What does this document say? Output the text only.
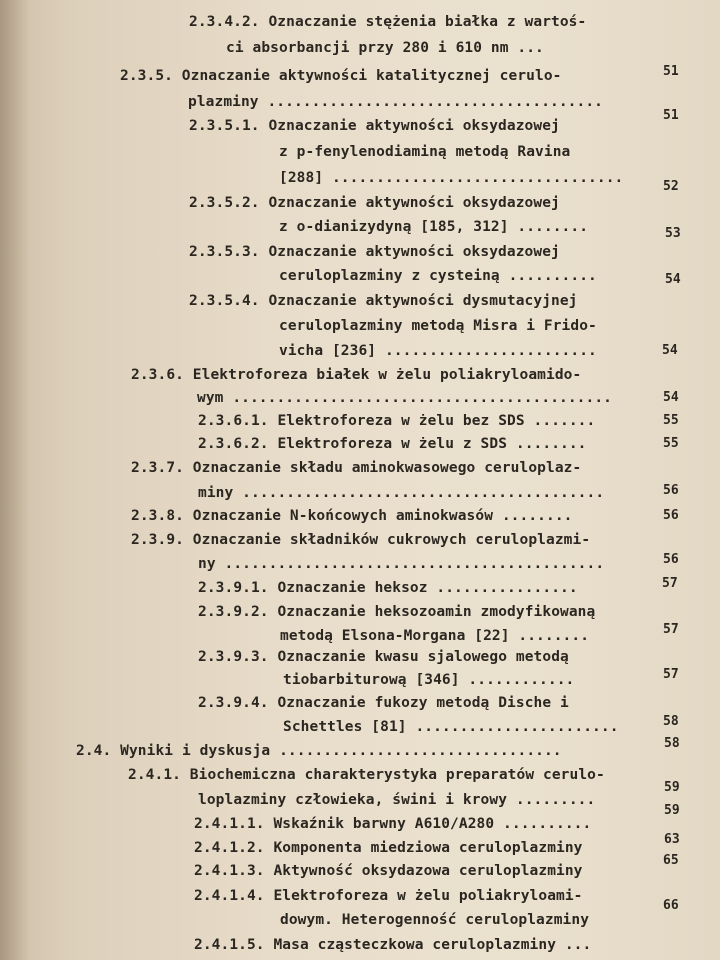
2.3.4.2. Oznaczanie stężenia białka z wartoś-
ci absorbancji przy 280 i 610 nm ...
2.3.5. Oznaczanie aktywności katalitycznej cerulo-
plazminy ......................................
51
2.3.5.1. Oznaczanie aktywności oksydazowej
z p-fenylenodiaminą metodą Ravina
[288] .................................
51
2.3.5.2. Oznaczanie aktywności oksydazowej
z o-dianizydyną [185, 312] ........
52
2.3.5.3. Oznaczanie aktywności oksydazowej
ceruloplazminy z cysteiną ..........
53
2.3.5.4. Oznaczanie aktywności dysmutacyjnej
ceruloplazminy metodą Misra i Frido-
vicha [236] ........................
54
2.3.6. Elektroforeza białek w żelu poliakryloamido-
wym ...........................................
54
2.3.6.1. Elektroforeza w żelu bez SDS .......
54
2.3.6.2. Elektroforeza w żelu z SDS ........
55
2.3.7. Oznaczanie składu aminokwasowego ceruloplaz-
miny .........................................
55
2.3.8. Oznaczanie N-końcowych aminokwasów ........
56
2.3.9. Oznaczanie składników cukrowych ceruloplazmi-
ny ...........................................
56
2.3.9.1. Oznaczanie heksoz ................
56
2.3.9.2. Oznaczanie heksozoamin zmodyfikowaną
metodą Elsona-Morgana [22] ........
57
2.3.9.3. Oznaczanie kwasu sjalowego metodą
tiobarbiturową [346] ............
57
2.3.9.4. Oznaczanie fukozy metodą Dische i
Schettles [81] .......................
57
2.4. Wyniki i dyskusja ................................
58
2.4.1. Biochemiczna charakterystyka preparatów cerulo-
loplazminy człowieka, świni i krowy .........
58
2.4.1.1. Wskaźnik barwny A610/A280 ..........
59
2.4.1.2. Komponenta miedziowa ceruloplazminy
59
2.4.1.3. Aktywność oksydazowa ceruloplazminy
63
2.4.1.4. Elektroforeza w żelu poliakryloami-
dowym. Heterogenność ceruloplazminy
65
2.4.1.5. Masa cząsteczkowa ceruloplazminy ...
66
